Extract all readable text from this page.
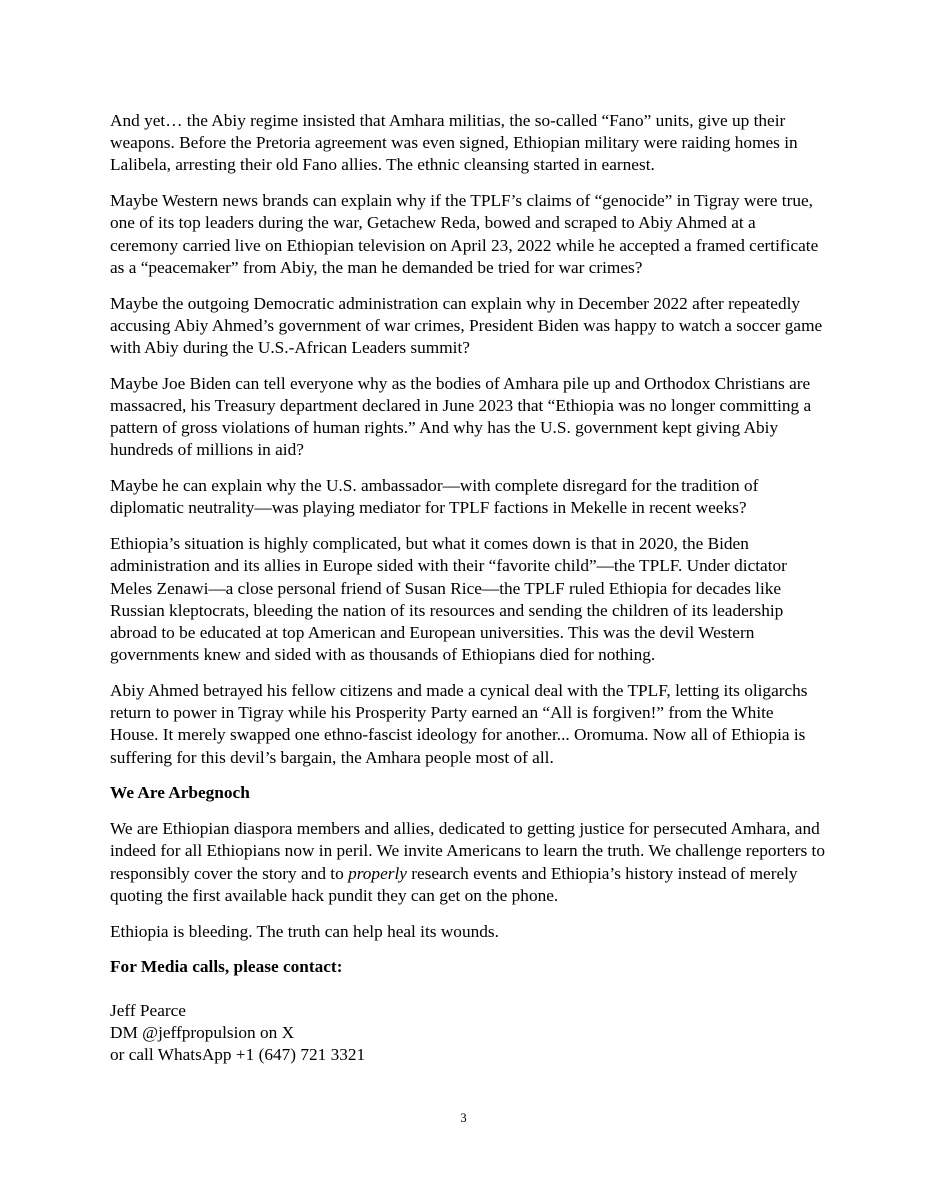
And yet… the Abiy regime insisted that Amhara militias, the so-called “Fano” units, give up their weapons. Before the Pretoria agreement was even signed, Ethiopian military were raiding homes in Lalibela, arresting their old Fano allies. The ethnic cleansing started in earnest.

Maybe Western news brands can explain why if the TPLF’s claims of “genocide” in Tigray were true, one of its top leaders during the war, Getachew Reda, bowed and scraped to Abiy Ahmed at a ceremony carried live on Ethiopian television on April 23, 2022 while he accepted a framed certificate as a “peacemaker” from Abiy, the man he demanded be tried for war crimes?

Maybe the outgoing Democratic administration can explain why in December 2022 after repeatedly accusing Abiy Ahmed’s government of war crimes, President Biden was happy to watch a soccer game with Abiy during the U.S.-African Leaders summit?

Maybe Joe Biden can tell everyone why as the bodies of Amhara pile up and Orthodox Christians are massacred, his Treasury department declared in June 2023 that “Ethiopia was no longer committing a pattern of gross violations of human rights.” And why has the U.S. government kept giving Abiy hundreds of millions in aid?

Maybe he can explain why the U.S. ambassador—with complete disregard for the tradition of diplomatic neutrality—was playing mediator for TPLF factions in Mekelle in recent weeks?

Ethiopia’s situation is highly complicated, but what it comes down is that in 2020, the Biden administration and its allies in Europe sided with their “favorite child”—the TPLF. Under dictator Meles Zenawi—a close personal friend of Susan Rice—the TPLF ruled Ethiopia for decades like Russian kleptocrats, bleeding the nation of its resources and sending the children of its leadership abroad to be educated at top American and European universities. This was the devil Western governments knew and sided with as thousands of Ethiopians died for nothing.

Abiy Ahmed betrayed his fellow citizens and made a cynical deal with the TPLF, letting its oligarchs return to power in Tigray while his Prosperity Party earned an “All is forgiven!” from the White House. It merely swapped one ethno-fascist ideology for another... Oromuma. Now all of Ethiopia is suffering for this devil’s bargain, the Amhara people most of all.

We Are Arbegnoch

We are Ethiopian diaspora members and allies, dedicated to getting justice for persecuted Amhara, and indeed for all Ethiopians now in peril. We invite Americans to learn the truth. We challenge reporters to responsibly cover the story and to properly research events and Ethiopia’s history instead of merely quoting the first available hack pundit they can get on the phone.

Ethiopia is bleeding. The truth can help heal its wounds.

For Media calls, please contact:

Jeff Pearce
DM @jeffpropulsion on X
or call WhatsApp +1 (647) 721 3321
3
